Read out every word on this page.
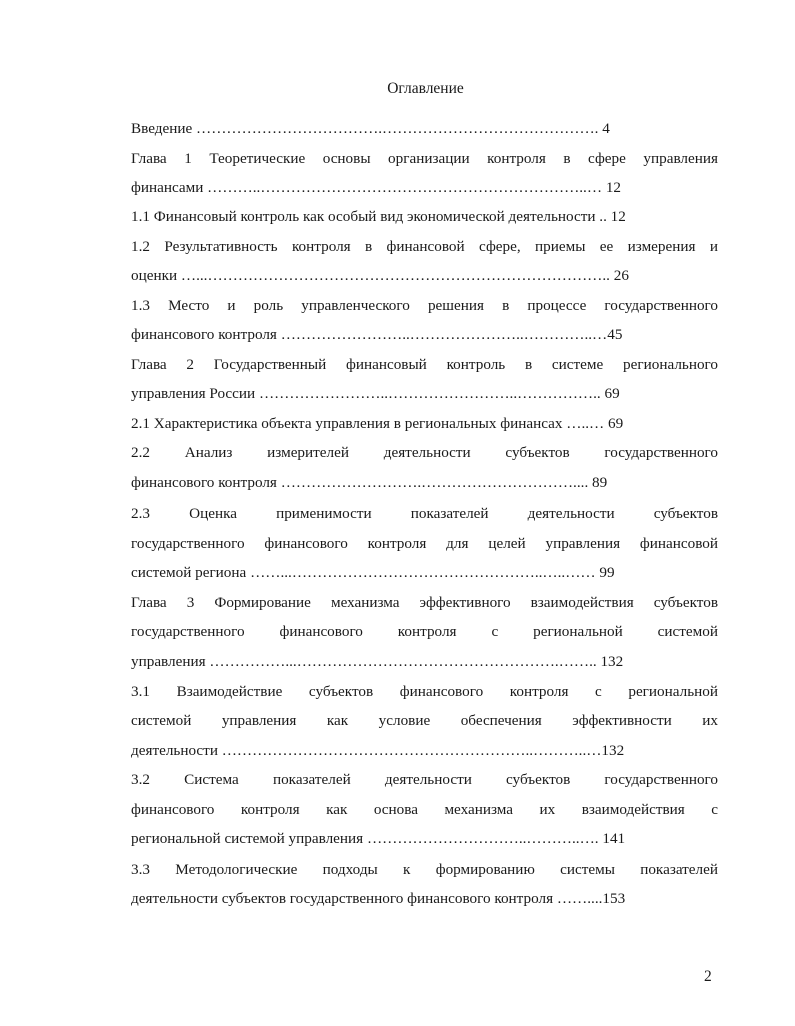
Оглавление
Введение ……………………………….……………………………………. 4
Глава 1 Теоретические основы организации контроля в сфере управления
финансами ………..………………………………………………………..… 12
1.1 Финансовый контроль как особый вид экономической деятельности .. 12
1.2 Результативность контроля в финансовой сфере, приемы ее измерения и
оценки …...…………………………………………………………………….. 26
1.3 Место и роль управленческого решения в процессе государственного
финансового контроля ……………………..…………………..…………..…45
Глава 2 Государственный финансовый контроль в системе регионального
управления России ……………………..……………………..…………….. 69
2.1 Характеристика объекта управления в региональных финансах …..… 69
2.2 Анализ измерителей деятельности субъектов государственного
финансового контроля ……………………….………………………….... 89
2.3 Оценка применимости показателей деятельности субъектов
государственного финансового контроля для целей управления финансовой
системой региона ……...…………………………………………..…..…… 99
Глава 3 Формирование механизма эффективного взаимодействия субъектов
государственного финансового контроля с региональной системой
управления ……………...…………………………………………….…….. 132
3.1 Взаимодействие субъектов финансового контроля с региональной
системой управления как условие обеспечения эффективности их
деятельности ……………………………………………………..………..…132
3.2 Система показателей деятельности субъектов государственного
финансового контроля как основа механизма их взаимодействия с
региональной системой управления …………………………..………..…. 141
3.3 Методологические подходы к формированию системы показателей
деятельности субъектов государственного финансового контроля ……....153
2
